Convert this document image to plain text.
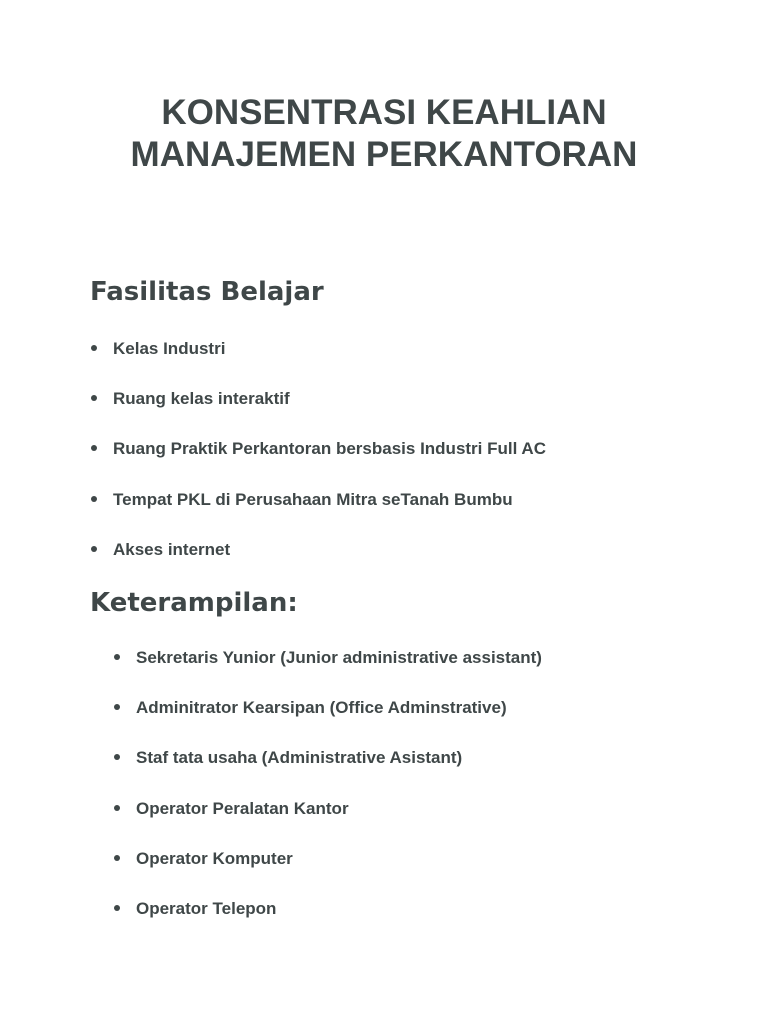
KONSENTRASI KEAHLIAN
MANAJEMEN PERKANTORAN
Fasilitas Belajar
Kelas Industri
Ruang kelas interaktif
Ruang Praktik Perkantoran bersbasis Industri Full AC
Tempat PKL di Perusahaan Mitra seTanah Bumbu
Akses internet
Keterampilan:
Sekretaris Yunior (Junior administrative assistant)
Adminitrator Kearsipan (Office Adminstrative)
Staf tata usaha (Administrative Asistant)
Operator Peralatan Kantor
Operator Komputer
Operator Telepon
